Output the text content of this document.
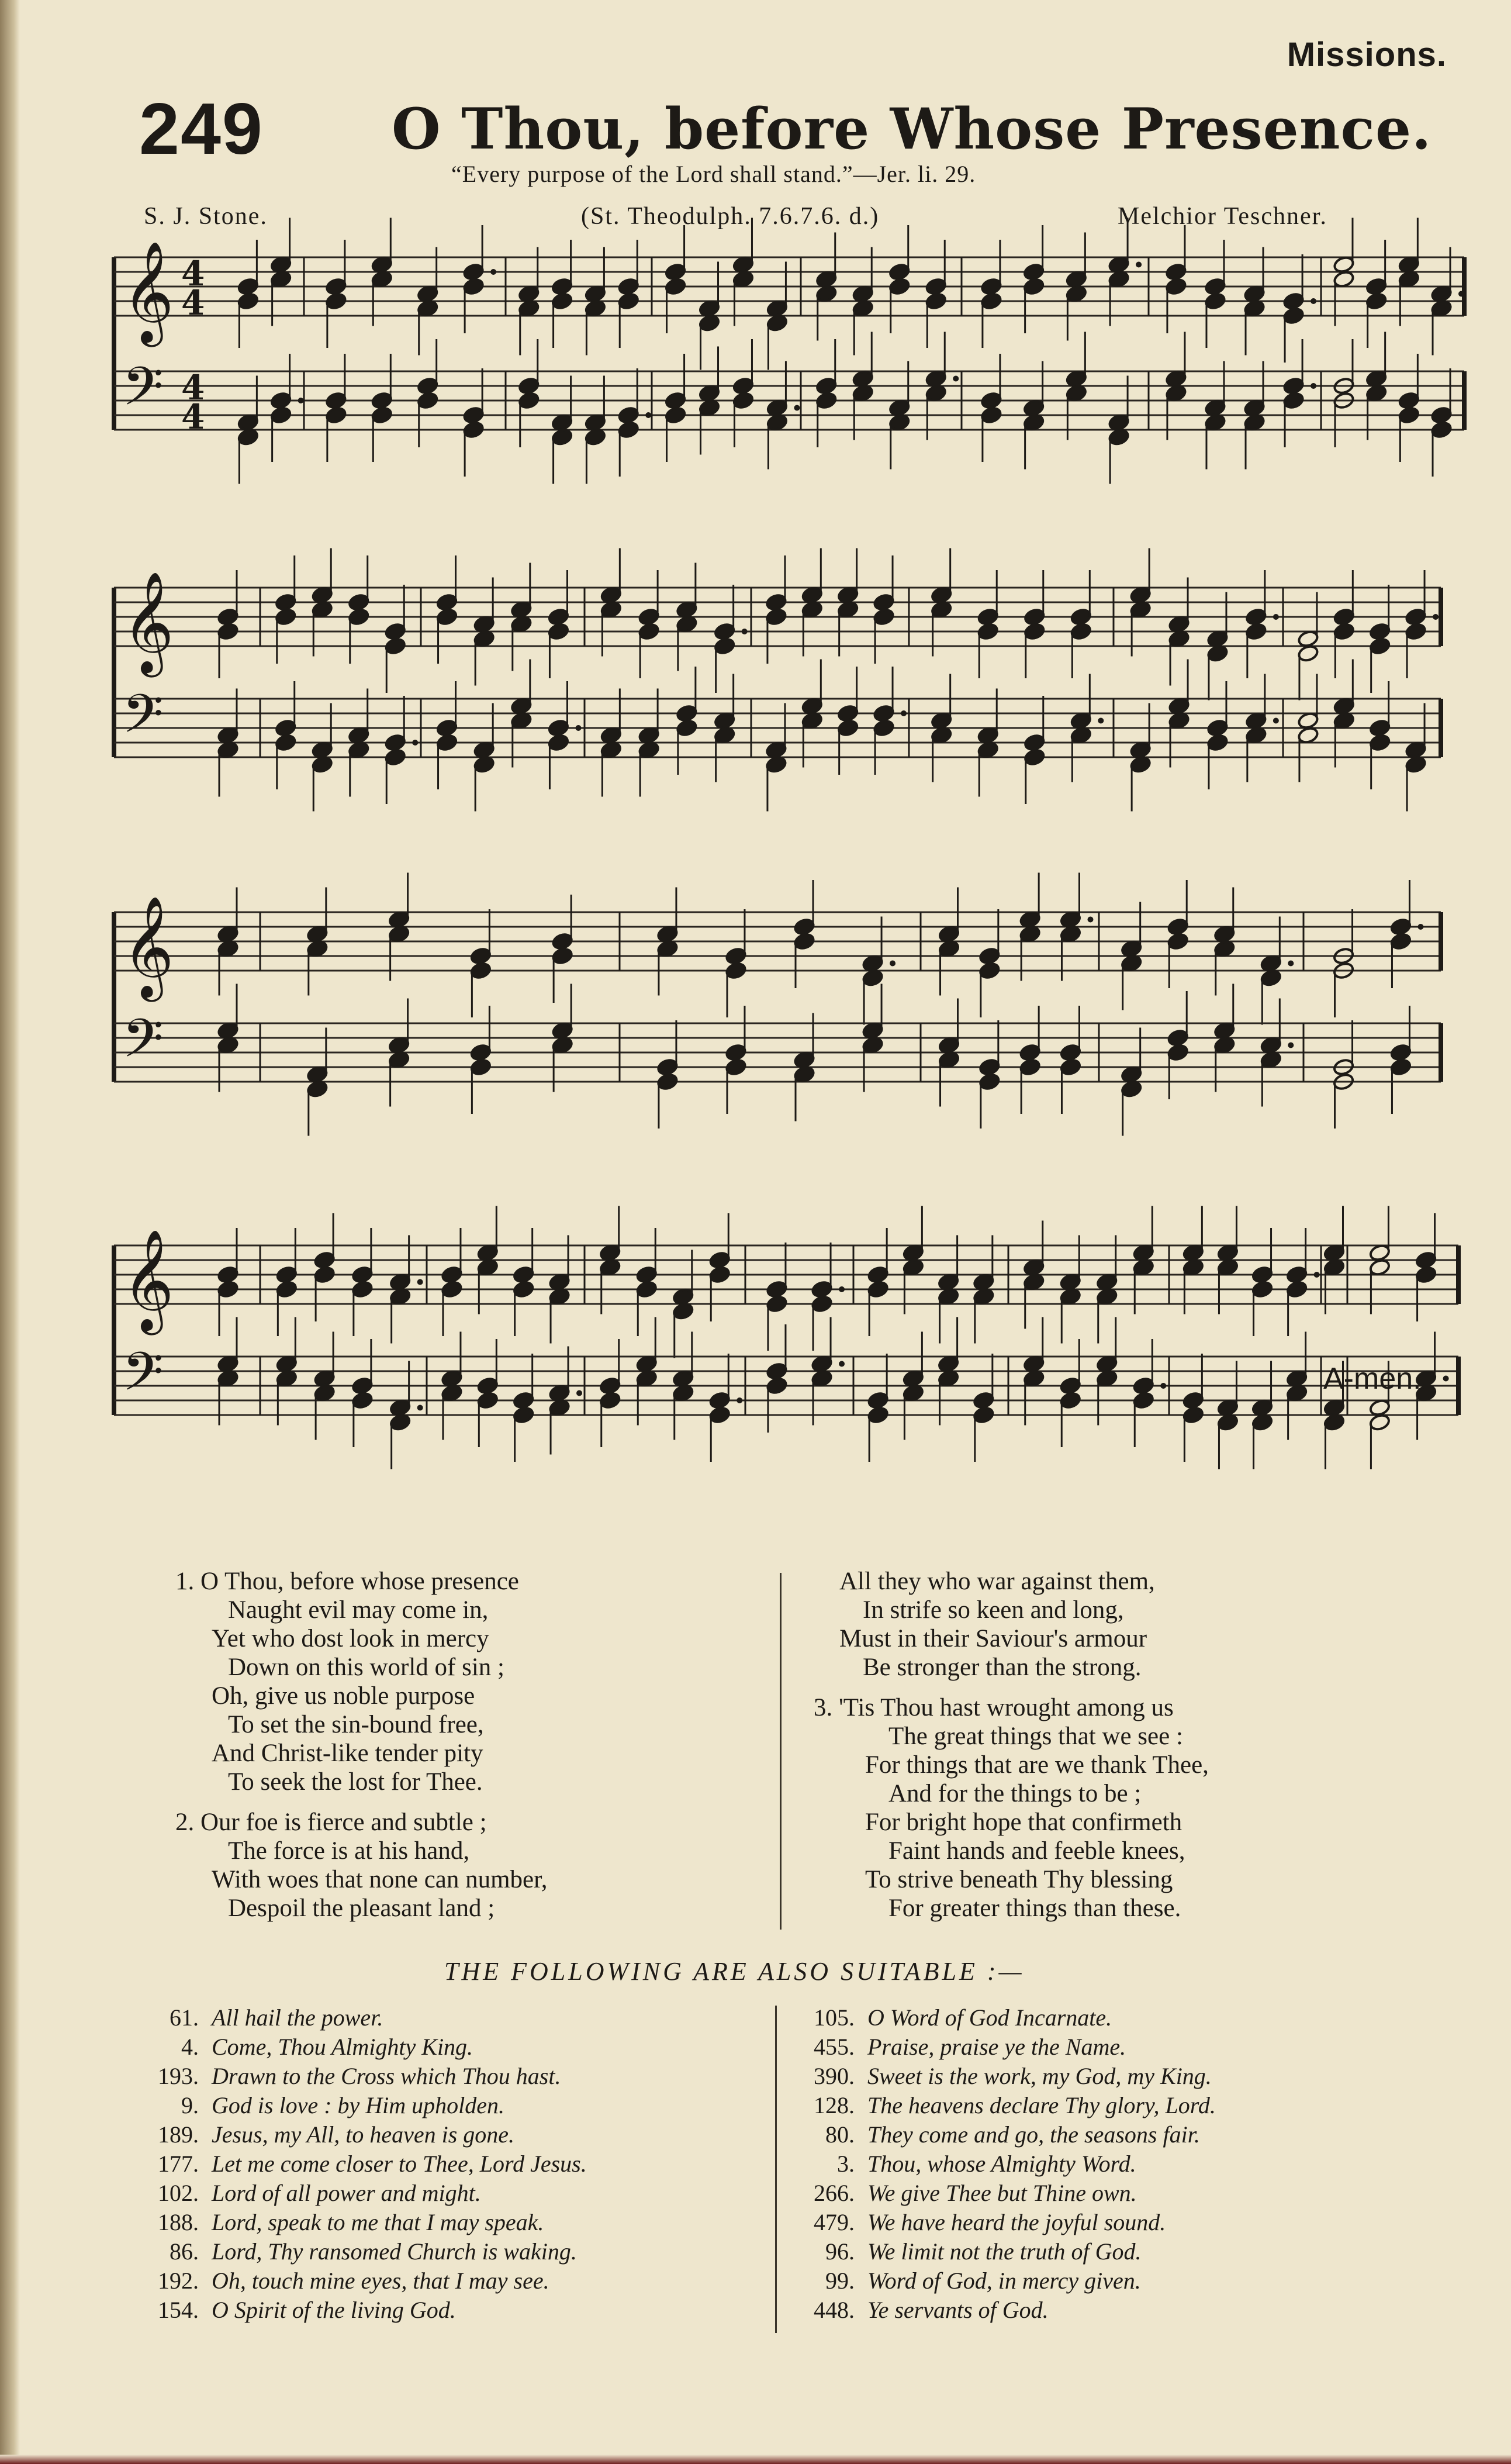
Missions.
249 O Thou, before Whose Presence.
“Every purpose of the Lord shall stand.”—Jer. li. 29.
S. J. Stone.	(St. Theodulph. 7.6.7.6. d.)	Melchior Teschner.
𝄞 4
4
𝄢 4
4
𝄞
𝄢
𝄞
𝄢
𝄞
𝄢	A-men.
1. O Thou, before whose presence
Naught evil may come in,
Yet who dost look in mercy
Down on this world of sin ;
Oh, give us noble purpose
To set the sin-bound free,
And Christ-like tender pity
To seek the lost for Thee.
2. Our foe is fierce and subtle ;
The force is at his hand,
With woes that none can number,
Despoil the pleasant land ;
All they who war against them,
In strife so keen and long,
Must in their Saviour's armour
Be stronger than the strong.
3. 'Tis Thou hast wrought among us
The great things that we see :
For things that are we thank Thee,
And for the things to be ;
For bright hope that confirmeth
Faint hands and feeble knees,
To strive beneath Thy blessing
For greater things than these.
THE FOLLOWING ARE ALSO SUITABLE :—
61. All hail the power.
4. Come, Thou Almighty King.
193. Drawn to the Cross which Thou hast.
9. God is love : by Him upholden.
189. Jesus, my All, to heaven is gone.
177. Let me come closer to Thee, Lord Jesus.
102. Lord of all power and might.
188. Lord, speak to me that I may speak.
86. Lord, Thy ransomed Church is waking.
192. Oh, touch mine eyes, that I may see.
154. O Spirit of the living God.
105. O Word of God Incarnate.
455. Praise, praise ye the Name.
390. Sweet is the work, my God, my King.
128. The heavens declare Thy glory, Lord.
80. They come and go, the seasons fair.
3. Thou, whose Almighty Word.
266. We give Thee but Thine own.
479. We have heard the joyful sound.
96. We limit not the truth of God.
99. Word of God, in mercy given.
448. Ye servants of God.
